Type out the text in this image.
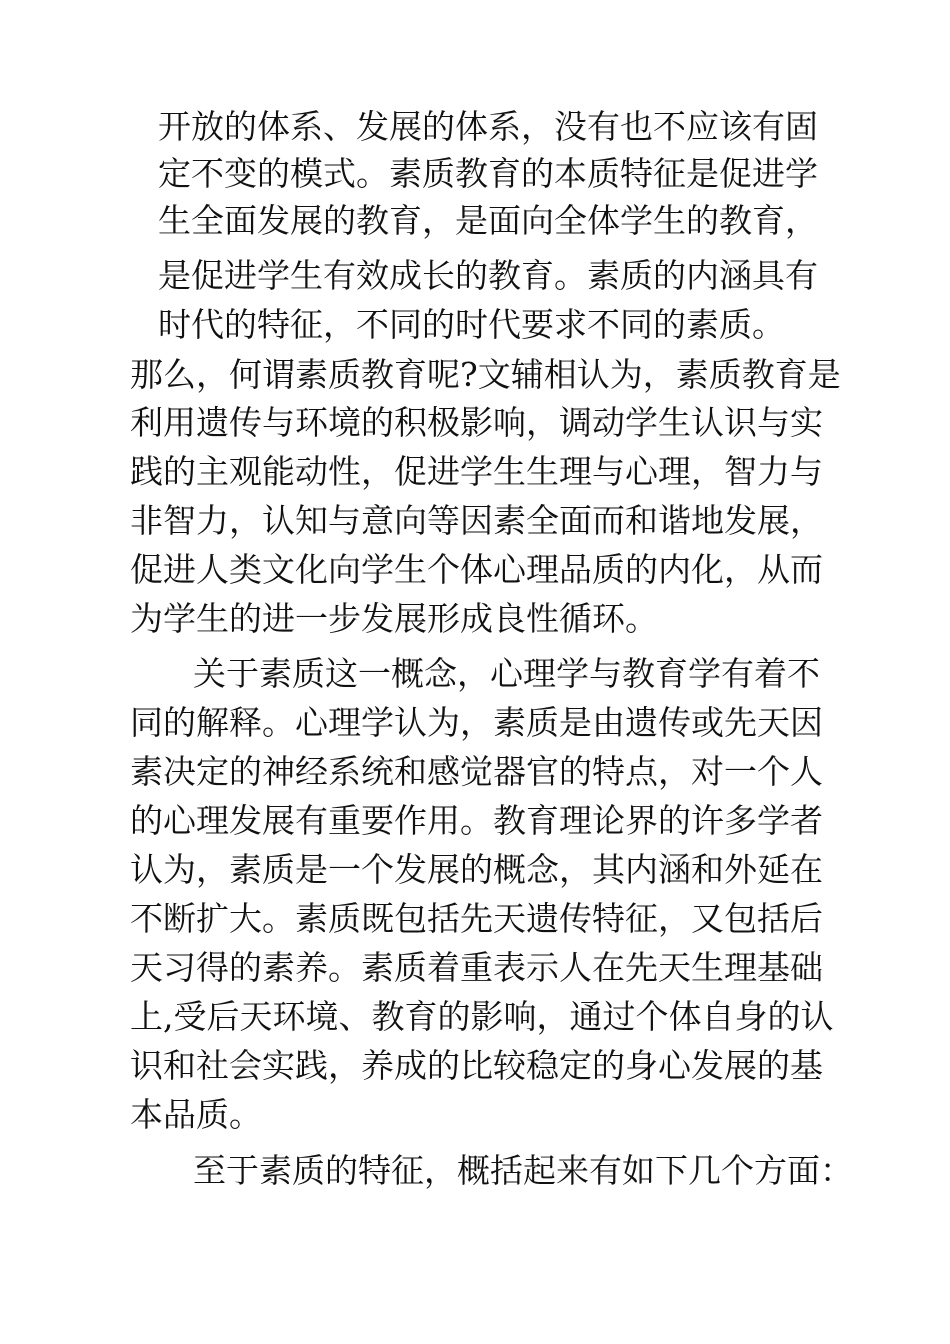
开放的体系、发展的体系，没有也不应该有固
定不变的模式。素质教育的本质特征是促进学
生全面发展的教育，是面向全体学生的教育，
是促进学生有效成长的教育。素质的内涵具有
时代的特征，不同的时代要求不同的素质。
那么，何谓素质教育呢?文辅相认为，素质教育是
利用遗传与环境的积极影响，调动学生认识与实
践的主观能动性，促进学生生理与心理，智力与
非智力，认知与意向等因素全面而和谐地发展，
促进人类文化向学生个体心理品质的内化，从而
为学生的进一步发展形成良性循环。
关于素质这一概念，心理学与教育学有着不
同的解释。心理学认为，素质是由遗传或先天因
素决定的神经系统和感觉器官的特点，对一个人
的心理发展有重要作用。教育理论界的许多学者
认为，素质是一个发展的概念，其内涵和外延在
不断扩大。素质既包括先天遗传特征，又包括后
天习得的素养。素质着重表示人在先天生理基础
上,受后天环境、教育的影响，通过个体自身的认
识和社会实践，养成的比较稳定的身心发展的基
本品质。
至于素质的特征，概括起来有如下几个方面：
